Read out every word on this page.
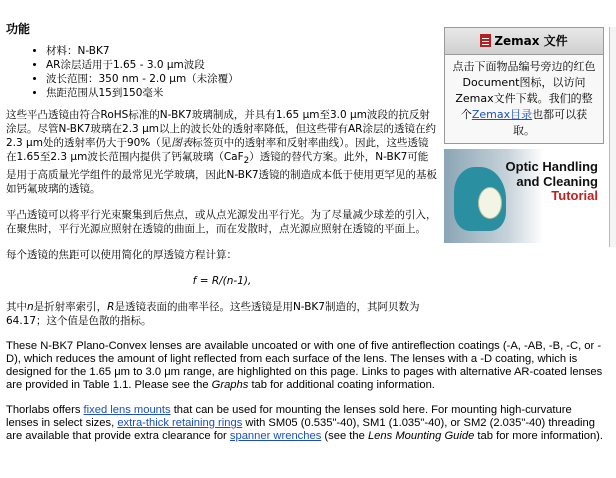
功能
• 材料：N-BK7
• AR涂层适用于1.65 - 3.0 μm波段
• 波长范围：350 nm - 2.0 μm（未涂覆）
• 焦距范围从15到150毫米

这些平凸透镜由符合RoHS标准的N-BK7玻璃制成，并具有1.65 μm至3.0 μm波段的抗反射涂层。尽管N-BK7玻璃在2.3 μm以上的波长处的透射率降低，但这些带有AR涂层的透镜在约2.3 μm处的透射率仍大于90%（见图表标签页中的透射率和反射率曲线）。因此，这些透镜在1.65至2.3 μm波长范围内提供了钙氟玻璃（CaF$_2$）透镜的替代方案。此外，N-BK7可能是用于高质量光学组件的最常见光学玻璃，因此N-BK7透镜的制造成本低于使用更罕见的基板如钙氟玻璃的透镜。

平凸透镜可以将平行光束聚集到后焦点，或从点光源发出平行光。为了尽量减少球差的引入，在聚焦时，平行光源应照射在透镜的曲面上，而在发散时，点光源应照射在透镜的平面上。

每个透镜的焦距可以使用简化的厚透镜方程计算：

f = R/(n-1),

其中n是折射率索引，R是透镜表面的曲率半径。这些透镜是用N-BK7制造的，其阿贝数为64.17；这个值是色散的指标。

These N-BK7 Plano-Convex lenses are available uncoated or with one of five antireflection coatings (-A, -AB, -B, -C, or -D), which reduces the amount of light reflected from each surface of the lens. The lenses with a -D coating, which is designed for the 1.65 μm to 3.0 μm range, are highlighted on this page. Links to pages with alternative AR-coated lenses are provided in Table 1.1. Please see the Graphs tab for additional coating information.

Thorlabs offers fixed lens mounts that can be used for mounting the lenses sold here. For mounting high-curvature lenses in select sizes, extra-thick retaining rings with SM05 (0.535"-40), SM1 (1.035"-40), or SM2 (2.035"-40) threading are available that provide extra clearance for spanner wrenches (see the Lens Mounting Guide tab for more information).

Zemax 文件
点击下面物品编号旁边的红色Document图标，以访问Zemax文件下载。我们的整个Zemax目录也都可以获取。
Optic Handling
and Cleaning
Tutorial
